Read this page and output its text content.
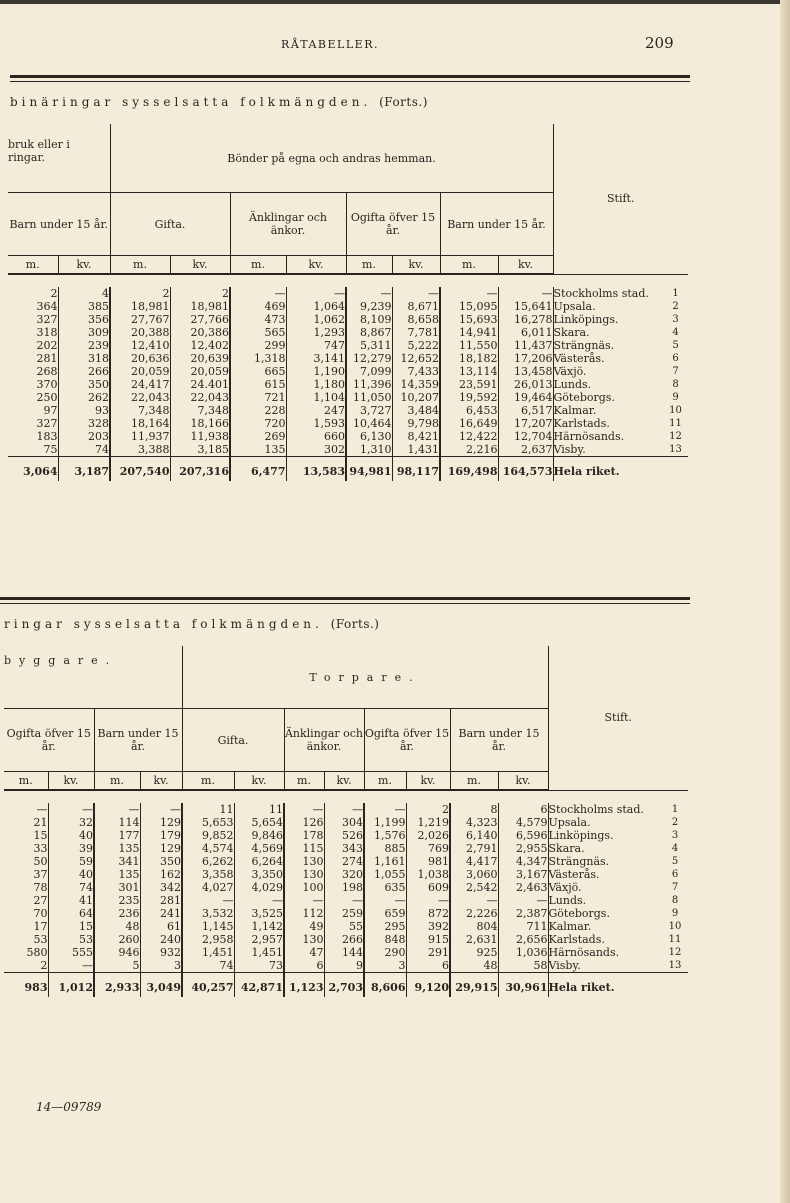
RÅTABELLER.	209
binäringar sysselsatta folkmängden. (Forts.)
bruk eller i ringar.		Bönder på egna och andras hemman.								Stift.	
Barn under 15 år.		Gifta.		Änklingar och änkor.		Ogifta öfver 15 år.		Barn under 15 år.			
m.	kv.	m.	kv.	m.	kv.	m.	kv.	m.	kv.		

2	4	2	2	—	—	—	—	—	—	Stockholms stad.	1
364	385	18,981	18,981	469	1,064	9,239	8,671	15,095	15,641	Upsala.	2
327	356	27,767	27,766	473	1,062	8,109	8,658	15,693	16,278	Linköpings.	3
318	309	20,388	20,386	565	1,293	8,867	7,781	14,941	6,011	Skara.	4
202	239	12,410	12,402	299	747	5,311	5,222	11,550	11,437	Strängnäs.	5
281	318	20,636	20,639	1,318	3,141	12,279	12,652	18,182	17,206	Västerås.	6
268	266	20,059	20,059	665	1,190	7,099	7,433	13,114	13,458	Växjö.	7
370	350	24,417	24.401	615	1,180	11,396	14,359	23,591	26,013	Lunds.	8
250	262	22,043	22,043	721	1,104	11,050	10,207	19,592	19,464	Göteborgs.	9
97	93	7,348	7,348	228	247	3,727	3,484	6,453	6,517	Kalmar.	10
327	328	18,164	18,166	720	1,593	10,464	9,798	16,649	17,207	Karlstads.	11
183	203	11,937	11,938	269	660	6,130	8,421	12,422	12,704	Härnösands.	12
75	74	3,388	3,185	135	302	1,310	1,431	2,216	2,637	Visby.	13
3,064	3,187	207,540	207,316	6,477	13,583	94,981	98,117	169,498	164,573	Hela riket.	
ringar sysselsatta folkmängden. (Forts.)
byggare.				Torpare.								Stift.	
Ogifta öfver 15 år.		Barn under 15 år.		Gifta.		Änklingar och änkor.		Ogifta öfver 15 år.		Barn under 15 år.			
m.	kv.	m.	kv.	m.	kv.	m.	kv.	m.	kv.	m.	kv.		

—	—	—	—	11	11	—	—	—	2	8	6	Stockholms stad.	1
21	32	114	129	5,653	5,654	126	304	1,199	1,219	4,323	4,579	Upsala.	2
15	40	177	179	9,852	9,846	178	526	1,576	2,026	6,140	6,596	Linköpings.	3
33	39	135	129	4,574	4,569	115	343	885	769	2,791	2,955	Skara.	4
50	59	341	350	6,262	6,264	130	274	1,161	981	4,417	4,347	Strängnäs.	5
37	40	135	162	3,358	3,350	130	320	1,055	1,038	3,060	3,167	Västerås.	6
78	74	301	342	4,027	4,029	100	198	635	609	2,542	2,463	Växjö.	7
27	41	235	281	—	—	—	—	—	—	—	—	Lunds.	8
70	64	236	241	3,532	3,525	112	259	659	872	2,226	2,387	Göteborgs.	9
17	15	48	61	1,145	1,142	49	55	295	392	804	711	Kalmar.	10
53	53	260	240	2,958	2,957	130	266	848	915	2,631	2,656	Karlstads.	11
580	555	946	932	1,451	1,451	47	144	290	291	925	1,036	Härnösands.	12
2	—	5	3	74	73	6	9	3	6	48	58	Visby.	13
983	1,012	2,933	3,049	40,257	42,871	1,123	2,703	8,606	9,120	29,915	30,961	Hela riket.	
14—09789
